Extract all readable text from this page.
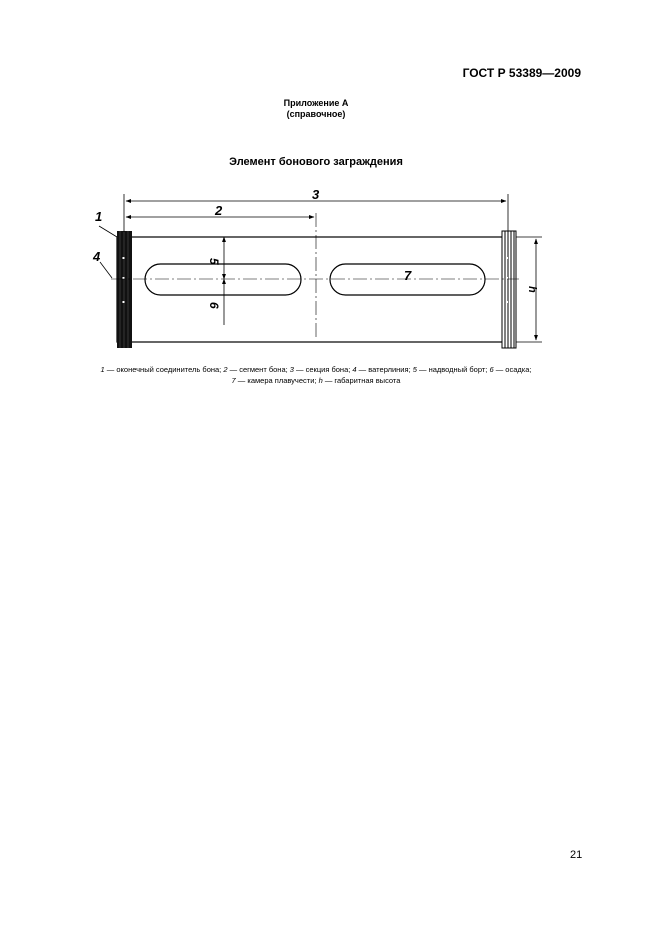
ГОСТ Р 53389—2009
Приложение А
(справочное)
Элемент бонового заграждения
3
2
1
4
7
5
6
h
1 — оконечный соединитель бона; 2 — сегмент бона; 3 — секция бона; 4 — ватерлиния; 5 — надводный борт; 6 — осадка;
7 — камера плавучести; h — габаритная высота
21
